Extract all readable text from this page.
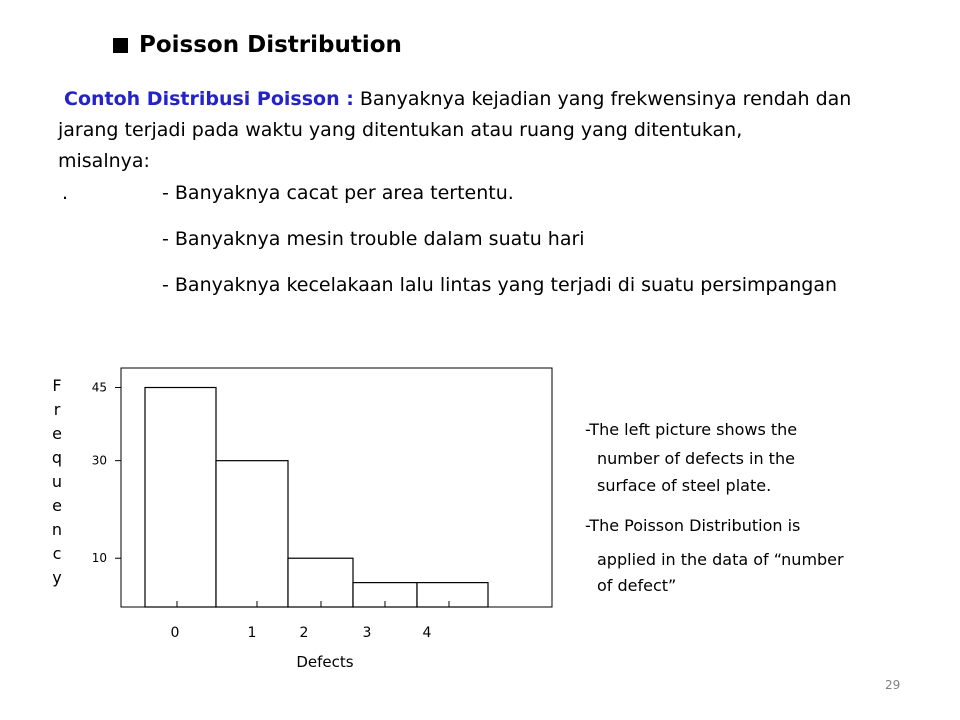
Poisson Distribution
Contoh Distribusi Poisson : Banyaknya kejadian yang frekwensinya rendah dan
jarang terjadi pada waktu yang ditentukan atau ruang yang ditentukan,
misalnya:
.	- Banyaknya cacat per area tertentu.
- Banyaknya mesin trouble dalam suatu hari
- Banyaknya kecelakaan lalu lintas yang terjadi di suatu persimpangan
10
30
45
0	1	2	3	4
Defects
F
r
e
q
u
e
n
c
y
-The left picture shows the
number of defects in the
surface of steel plate.
-The Poisson Distribution is
applied in the data of “number
of defect”
29
